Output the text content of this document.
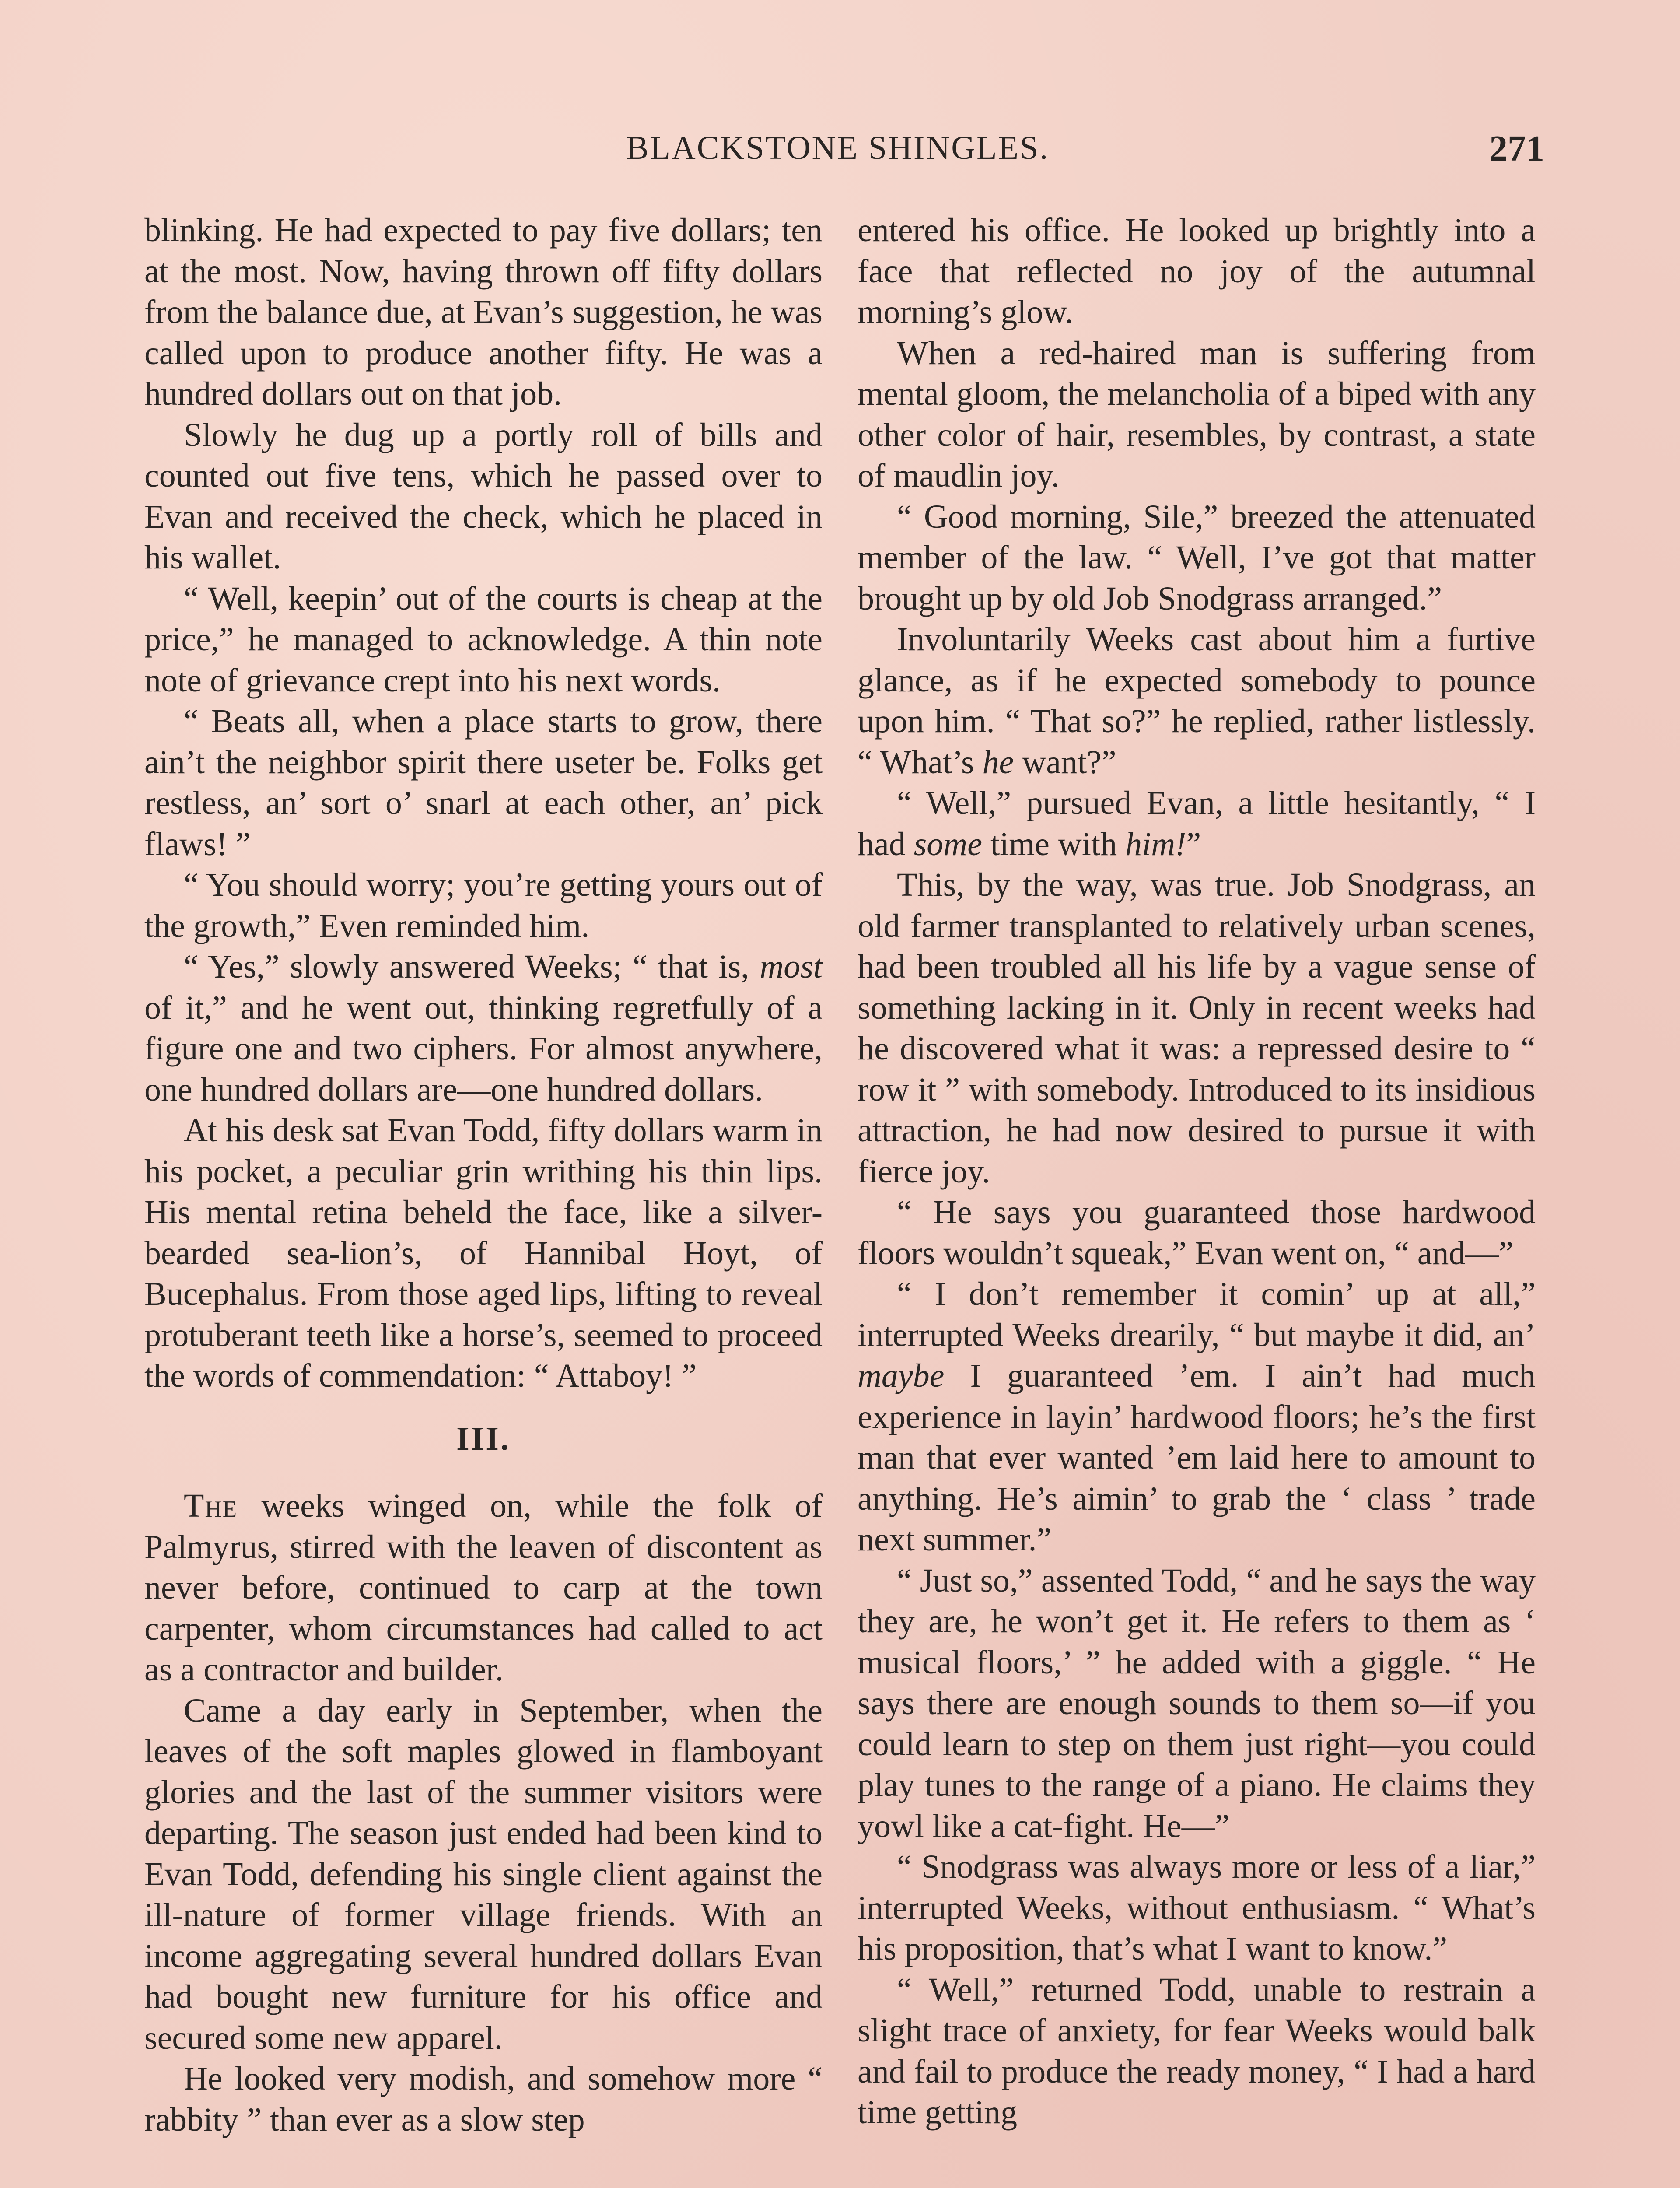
BLACKSTONE SHINGLES.	271

blinking. He had expected to pay five dollars; ten at the most. Now, having thrown off fifty dollars from the balance due, at Evan’s suggestion, he was called upon to produce another fifty. He was a hundred dollars out on that job.

Slowly he dug up a portly roll of bills and counted out five tens, which he passed over to Evan and received the check, which he placed in his wallet.

“ Well, keepin’ out of the courts is cheap at the price,” he managed to acknowledge. A thin note note of grievance crept into his next words.

“ Beats all, when a place starts to grow, there ain’t the neighbor spirit there useter be. Folks get restless, an’ sort o’ snarl at each other, an’ pick flaws! ”

“ You should worry; you’re getting yours out of the growth,” Even reminded him.

“ Yes,” slowly answered Weeks; “ that is, most of it,” and he went out, thinking regretfully of a figure one and two ciphers. For almost anywhere, one hundred dollars are—one hundred dollars.

At his desk sat Evan Todd, fifty dollars warm in his pocket, a peculiar grin writhing his thin lips. His mental retina beheld the face, like a silver-bearded sea-lion’s, of Hannibal Hoyt, of Bucephalus. From those aged lips, lifting to reveal protuberant teeth like a horse’s, seemed to proceed the words of commendation: “ Attaboy! ”

III.

The weeks winged on, while the folk of Palmyrus, stirred with the leaven of discontent as never before, continued to carp at the town carpenter, whom circumstances had called to act as a contractor and builder.

Came a day early in September, when the leaves of the soft maples glowed in flamboyant glories and the last of the summer visitors were departing. The season just ended had been kind to Evan Todd, defending his single client against the ill-nature of former village friends. With an income aggregating several hundred dollars Evan had bought new furniture for his office and secured some new apparel.

He looked very modish, and somehow more “ rabbity ” than ever as a slow step

entered his office. He looked up brightly into a face that reflected no joy of the autumnal morning’s glow.

When a red-haired man is suffering from mental gloom, the melancholia of a biped with any other color of hair, resembles, by contrast, a state of maudlin joy.

“ Good morning, Sile,” breezed the attenuated member of the law. “ Well, I’ve got that matter brought up by old Job Snodgrass arranged.”

Involuntarily Weeks cast about him a furtive glance, as if he expected somebody to pounce upon him. “ That so?” he replied, rather listlessly. “ What’s he want?”

“ Well,” pursued Evan, a little hesitantly, “ I had some time with him!”

This, by the way, was true. Job Snodgrass, an old farmer transplanted to relatively urban scenes, had been troubled all his life by a vague sense of something lacking in it. Only in recent weeks had he discovered what it was: a repressed desire to “ row it ” with somebody. Introduced to its insidious attraction, he had now desired to pursue it with fierce joy.

“ He says you guaranteed those hardwood floors wouldn’t squeak,” Evan went on, “ and—”

“ I don’t remember it comin’ up at all,” interrupted Weeks drearily, “ but maybe it did, an’ maybe I guaranteed ’em. I ain’t had much experience in layin’ hardwood floors; he’s the first man that ever wanted ’em laid here to amount to anything. He’s aimin’ to grab the ‘ class ’ trade next summer.”

“ Just so,” assented Todd, “ and he says the way they are, he won’t get it. He refers to them as ‘ musical floors,’ ” he added with a giggle. “ He says there are enough sounds to them so—if you could learn to step on them just right—you could play tunes to the range of a piano. He claims they yowl like a cat-fight. He—”

“ Snodgrass was always more or less of a liar,” interrupted Weeks, without enthusiasm. “ What’s his proposition, that’s what I want to know.”

“ Well,” returned Todd, unable to restrain a slight trace of anxiety, for fear Weeks would balk and fail to produce the ready money, “ I had a hard time getting
